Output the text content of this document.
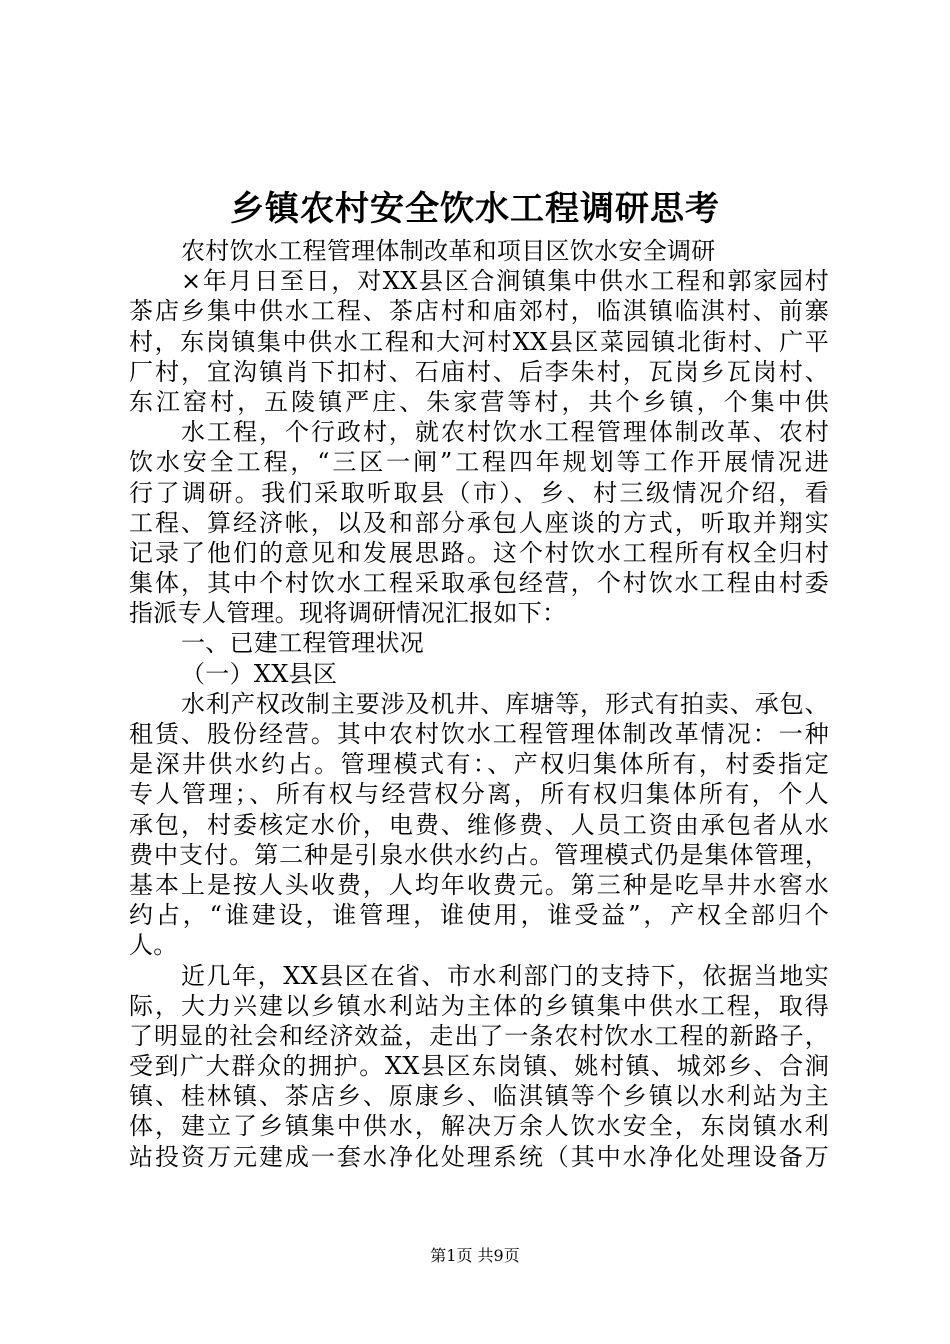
乡镇农村安全饮水工程调研思考
农村饮水工程管理体制改革和项目区饮水安全调研
×年月日至日，对XX县区合涧镇集中供水工程和郭家园村
茶店乡集中供水工程、茶店村和庙郊村，临淇镇临淇村、前寨
村，东岗镇集中供水工程和大河村XX县区菜园镇北街村、广平
厂村，宜沟镇肖下扣村、石庙村、后李朱村，瓦岗乡瓦岗村、
东江窑村，五陵镇严庄、朱家营等村，共个乡镇，个集中供
水工程，个行政村，就农村饮水工程管理体制改革、农村
饮水安全工程，“三区一闸”工程四年规划等工作开展情况进
行了调研。我们采取听取县（市）、乡、村三级情况介绍，看
工程、算经济帐，以及和部分承包人座谈的方式，听取并翔实
记录了他们的意见和发展思路。这个村饮水工程所有权全归村
集体，其中个村饮水工程采取承包经营，个村饮水工程由村委
指派专人管理。现将调研情况汇报如下：
一、已建工程管理状况
（一）XX县区
水利产权改制主要涉及机井、库塘等，形式有拍卖、承包、
租赁、股份经营。其中农村饮水工程管理体制改革情况：一种
是深井供水约占。管理模式有：、产权归集体所有，村委指定
专人管理；、所有权与经营权分离，所有权归集体所有，个人
承包，村委核定水价，电费、维修费、人员工资由承包者从水
费中支付。第二种是引泉水供水约占。管理模式仍是集体管理，
基本上是按人头收费，人均年收费元。第三种是吃旱井水窖水
约占，“谁建设，谁管理，谁使用，谁受益”，产权全部归个
人。
近几年，XX县区在省、市水利部门的支持下，依据当地实
际，大力兴建以乡镇水利站为主体的乡镇集中供水工程，取得
了明显的社会和经济效益，走出了一条农村饮水工程的新路子，
受到广大群众的拥护。XX县区东岗镇、姚村镇、城郊乡、合涧
镇、桂林镇、茶店乡、原康乡、临淇镇等个乡镇以水利站为主
体，建立了乡镇集中供水，解决万余人饮水安全，东岗镇水利
站投资万元建成一套水净化处理系统（其中水净化处理设备万
第1页 共9页
